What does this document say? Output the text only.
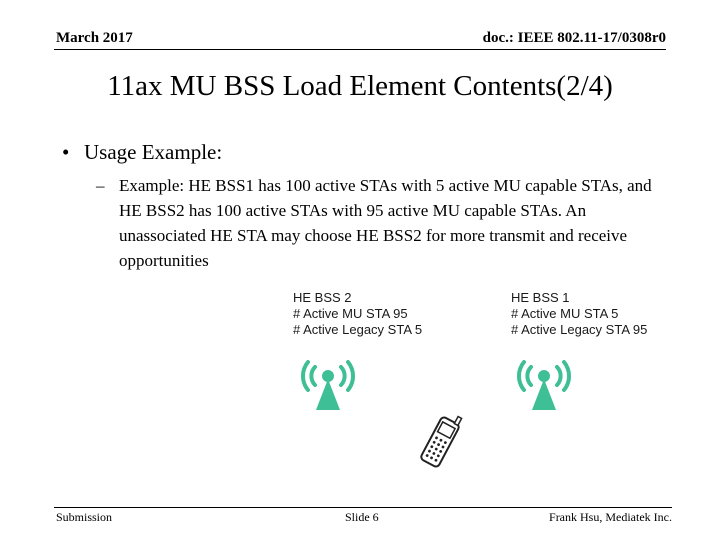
March 2017	doc.: IEEE 802.11-17/0308r0
11ax MU BSS Load Element Contents(2/4)
• Usage Example:
– Example: HE BSS1 has 100 active STAs with 5 active MU capable STAs, and HE BSS2 has 100 active STAs with 95 active MU capable STAs. An unassociated HE STA may choose HE BSS2 for more transmit and receive opportunities
HE BSS 2
# Active MU STA 95
# Active Legacy STA 5
HE BSS 1
# Active MU STA 5
# Active Legacy STA 95
Submission	Slide 6	Frank Hsu, Mediatek Inc.
